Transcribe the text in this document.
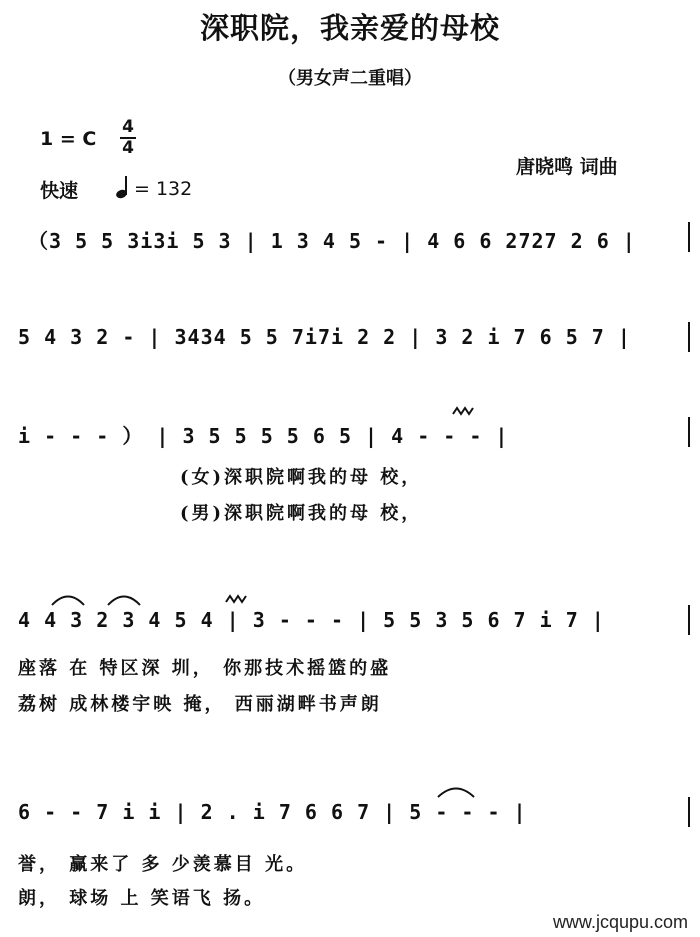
深职院，我亲爱的母校
（男女声二重唱）
1 = C
4
4
快速	= 132
唐晓鸣 词曲
（3 5 5 3i3i 5 3 | 1 3 4 5 - | 4 6 6 2727 2 6 |
5 4 3 2 - | 3434 5 5 7i7i 2 2 | 3 2 i 7 6 5 7 |
i - - - ） | 3 5 5 5 5 6 5 | 4 - - - |
4 4 3 2 3 4 5 4 | 3 - - - | 5 5 3 5 6 7 i 7 |
6 - - 7 i i | 2 . i 7 6 6 7 | 5 - - - |
(女)深职院啊我的母 校，
(男)深职院啊我的母 校，
座落 在 特区深 圳， 你那技术摇篮的盛
荔树 成林楼宇映 掩， 西丽湖畔书声朗
誉， 赢来了 多 少羡慕目 光。
朗， 球场 上 笑语飞 扬。
www.jcqupu.com
